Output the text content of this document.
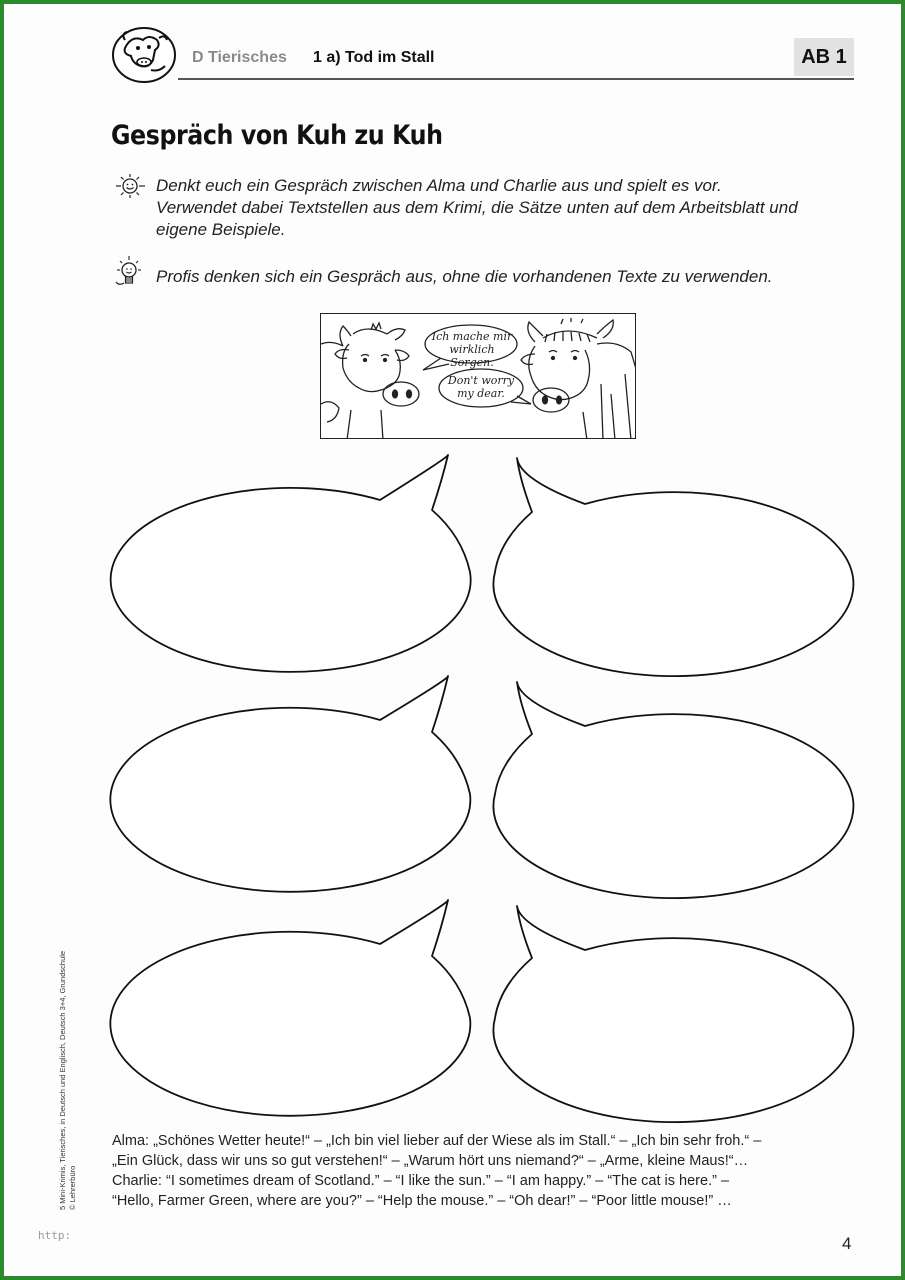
D Tierisches 1 a) Tod im Stall	AB 1
Gespräch von Kuh zu Kuh
Denkt euch ein Gespräch zwischen Alma und Charlie aus und spielt es vor.
Verwendet dabei Textstellen aus dem Krimi, die Sätze unten auf dem Arbeitsblatt und
eigene Beispiele.
Profis denken sich ein Gespräch aus, ohne die vorhandenen Texte zu verwenden.
Ich mache mir
wirklich Sorgen.
Don't worry
my dear.
Alma: „Schönes Wetter heute!“ – „Ich bin viel lieber auf der Wiese als im Stall.“ – „Ich bin sehr froh.“ –
„Ein Glück, dass wir uns so gut verstehen!“ – „Warum hört uns niemand?“ – „Arme, kleine Maus!“…
Charlie: “I sometimes dream of Scotland.” – “I like the sun.” – “I am happy.” – “The cat is here.” –
“Hello, Farmer Green, where are you?” – “Help the mouse.” – “Oh dear!” – “Poor little mouse!” …
5 Mini-Krimis, Tierisches, in Deutsch und Englisch, Deutsch 3+4, Grundschule © Lehrerbüro
http:	4
